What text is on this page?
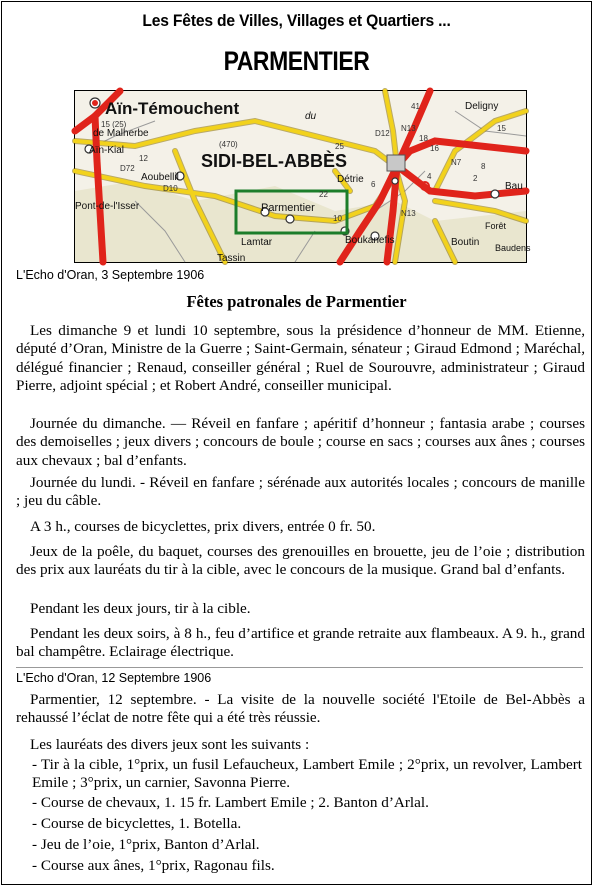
Les Fêtes de Villes, Villages et Quartiers ...
PARMENTIER
Aïn-Témouchent
de Malherbe
Aïn-Kial
SIDI-BEL-ABBÈS
Parmentier
Aoubellil
Pont-de-l'Isser
Lamtar
Tassin
Détrie
Boukanefis
Deligny
Boutin
Forêt
Baudens
Bau
du
N13
N7
N13
D72
D10
D12
(470)
41
22
25
18
16
15 (25)
12
10
15
6
8
4	2
L'Echo d'Oran, 3 Septembre 1906
Fêtes patronales de Parmentier

Les dimanche 9 et lundi 10 septembre, sous la présidence d’honneur de MM. Etienne, député d’Oran, Ministre de la Guerre ; Saint-Germain, sénateur ; Giraud Edmond ; Maréchal, délégué financier ; Renaud, conseiller général ; Ruel de Sourouvre, administrateur ; Giraud Pierre, adjoint spécial ; et Robert André, conseiller municipal.

Journée du dimanche. — Réveil en fanfare ; apéritif d’honneur ; fantasia arabe ; courses des demoiselles ; jeux divers ; concours de boule ; course en sacs ; courses aux ânes ; courses aux chevaux ; bal d’enfants.

Journée du lundi. - Réveil en fanfare ; sérénade aux autorités locales ; concours de manille ; jeu du câble.

A 3 h., courses de bicyclettes, prix divers, entrée 0 fr. 50.

Jeux de la poêle, du baquet, courses des grenouilles en brouette, jeu de l’oie ; distribution des prix aux lauréats du tir à la cible, avec le concours de la musique. Grand bal d’enfants.

Pendant les deux jours, tir à la cible.

Pendant les deux soirs, à 8 h., feu d’artifice et grande retraite aux flambeaux. A 9. h., grand bal champêtre. Eclairage électrique.

L'Echo d'Oran, 12 Septembre 1906

Parmentier, 12 septembre. - La visite de la nouvelle société l'Etoile de Bel-Abbès a rehaussé l’éclat de notre fête qui a été très réussie.

Les lauréats des divers jeux sont les suivants :

- Tir à la cible, 1°prix, un fusil Lefaucheux, Lambert Emile ; 2°prix, un revolver, Lambert Emile ; 3°prix, un carnier, Savonna Pierre.

- Course de chevaux, 1. 15 fr. Lambert Emile ; 2. Banton d’Arlal.

- Course de bicyclettes, 1. Botella.

- Jeu de l’oie, 1°prix, Banton d’Arlal.

- Course aux ânes, 1°prix, Ragonau fils.
